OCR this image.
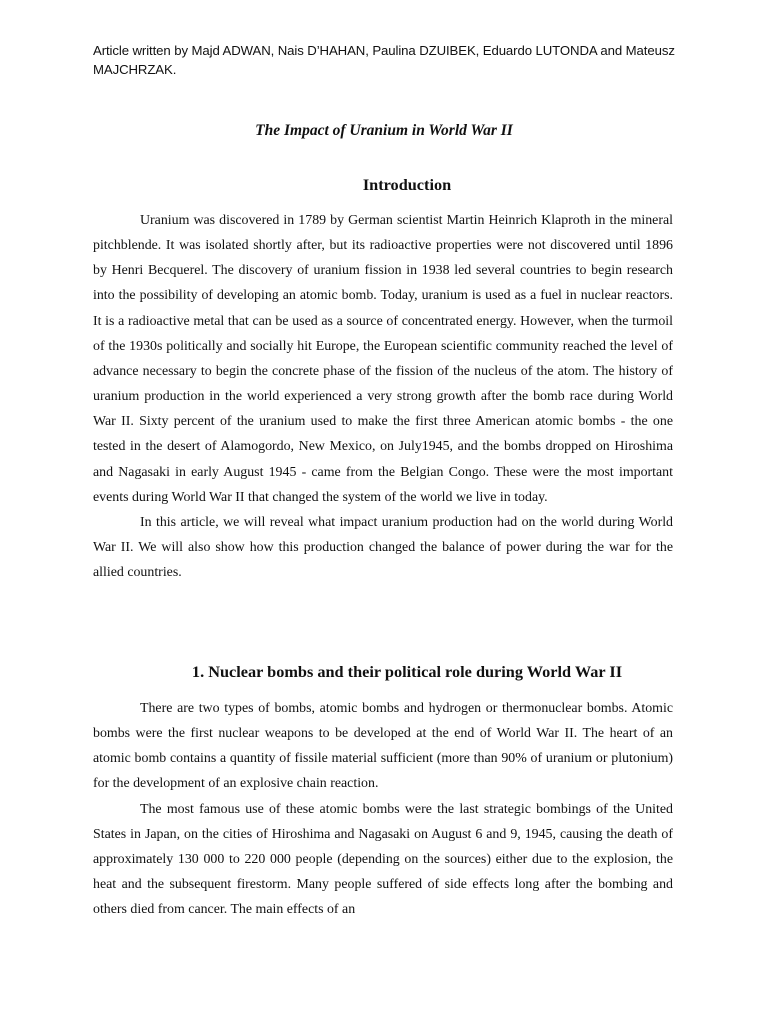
Article written by Majd ADWAN, Nais D’HAHAN, Paulina DZUIBEK, Eduardo LUTONDA and Mateusz MAJCHRZAK.
The Impact of Uranium in World War II
Introduction

Uranium was discovered in 1789 by German scientist Martin Heinrich Klaproth in the mineral pitchblende. It was isolated shortly after, but its radioactive properties were not discovered until 1896 by Henri Becquerel. The discovery of uranium fission in 1938 led several countries to begin research into the possibility of developing an atomic bomb. Today, uranium is used as a fuel in nuclear reactors. It is a radioactive metal that can be used as a source of concentrated energy. However, when the turmoil of the 1930s politically and socially hit Europe, the European scientific community reached the level of advance necessary to begin the concrete phase of the fission of the nucleus of the atom. The history of uranium production in the world experienced a very strong growth after the bomb race during World War II. Sixty percent of the uranium used to make the first three American atomic bombs - the one tested in the desert of Alamogordo, New Mexico, on July1945, and the bombs dropped on Hiroshima and Nagasaki in early August 1945 - came from the Belgian Congo. These were the most important events during World War II that changed the system of the world we live in today.

In this article, we will reveal what impact uranium production had on the world during World War II. We will also show how this production changed the balance of power during the war for the allied countries.

1. Nuclear bombs and their political role during World War II

There are two types of bombs, atomic bombs and hydrogen or thermonuclear bombs. Atomic bombs were the first nuclear weapons to be developed at the end of World War II. The heart of an atomic bomb contains a quantity of fissile material sufficient (more than 90% of uranium or plutonium) for the development of an explosive chain reaction.

The most famous use of these atomic bombs were the last strategic bombings of the United States in Japan, on the cities of Hiroshima and Nagasaki on August 6 and 9, 1945, causing the death of approximately 130 000 to 220 000 people (depending on the sources) either due to the explosion, the heat and the subsequent firestorm. Many people suffered of side effects long after the bombing and others died from cancer. The main effects of an
